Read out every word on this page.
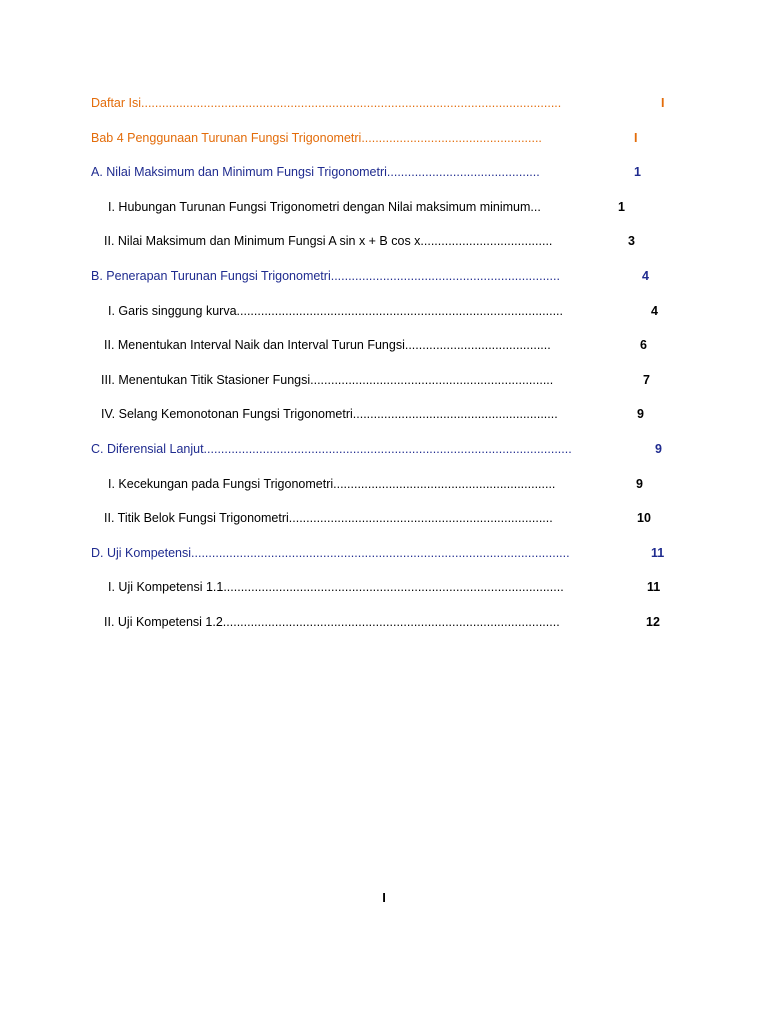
Daftar Isi.........................................................................................................................	I
Bab 4 Penggunaan Turunan Fungsi Trigonometri....................................................	I
A. Nilai Maksimum dan Minimum Fungsi Trigonometri............................................	1
I. Hubungan Turunan Fungsi Trigonometri dengan Nilai maksimum minimum...	1
II. Nilai Maksimum dan Minimum Fungsi A sin x + B cos x......................................	3
B. Penerapan Turunan Fungsi Trigonometri..................................................................	4
I. Garis singgung kurva..............................................................................................	4
II. Menentukan Interval Naik dan Interval Turun Fungsi..........................................	6
III. Menentukan Titik Stasioner Fungsi......................................................................	7
IV. Selang Kemonotonan Fungsi Trigonometri...........................................................	9
C. Diferensial Lanjut..........................................................................................................	9
I. Kecekungan pada Fungsi Trigonometri................................................................	9
II. Titik Belok Fungsi Trigonometri............................................................................	10
D. Uji Kompetensi.............................................................................................................	11
I. Uji Kompetensi 1.1..................................................................................................	11
II. Uji Kompetensi 1.2.................................................................................................	12
I
